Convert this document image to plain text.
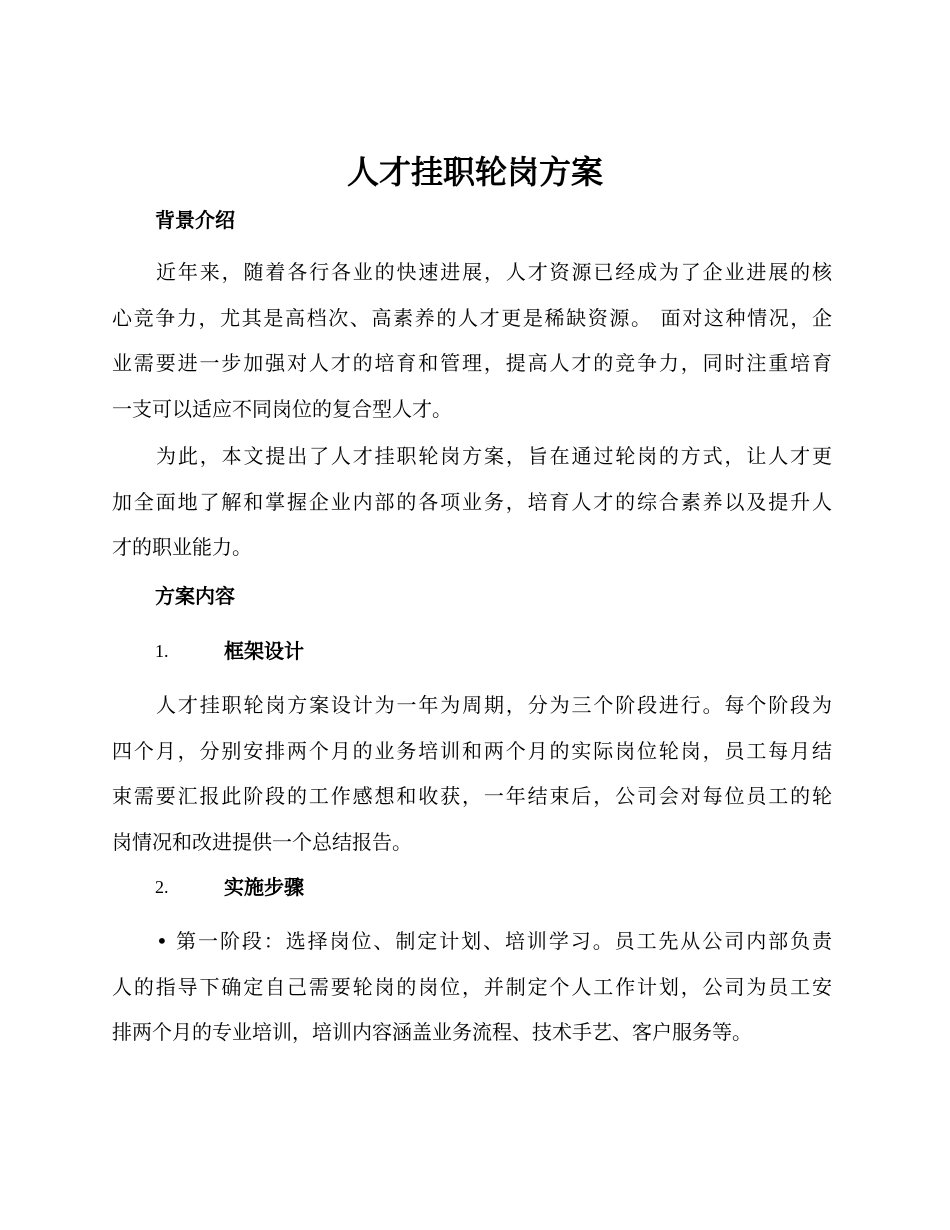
人才挂职轮岗方案
背景介绍
近年来，随着各行各业的快速进展，人才资源已经成为了企业进展的核
心竞争力，尤其是高档次、高素养的人才更是稀缺资源。 面对这种情况，企
业需要进一步加强对人才的培育和管理，提高人才的竞争力，同时注重培育
一支可以适应不同岗位的复合型人才。
为此，本文提出了人才挂职轮岗方案，旨在通过轮岗的方式，让人才更
加全面地了解和掌握企业内部的各项业务，培育人才的综合素养以及提升人
才的职业能力。
方案内容
1.	框架设计
人才挂职轮岗方案设计为一年为周期，分为三个阶段进行。每个阶段为
四个月，分别安排两个月的业务培训和两个月的实际岗位轮岗，员工每月结
束需要汇报此阶段的工作感想和收获，一年结束后，公司会对每位员工的轮
岗情况和改进提供一个总结报告。
2.	实施步骤
• 第一阶段：选择岗位、制定计划、培训学习。员工先从公司内部负责
人的指导下确定自己需要轮岗的岗位，并制定个人工作计划，公司为员工安
排两个月的专业培训，培训内容涵盖业务流程、技术手艺、客户服务等。
